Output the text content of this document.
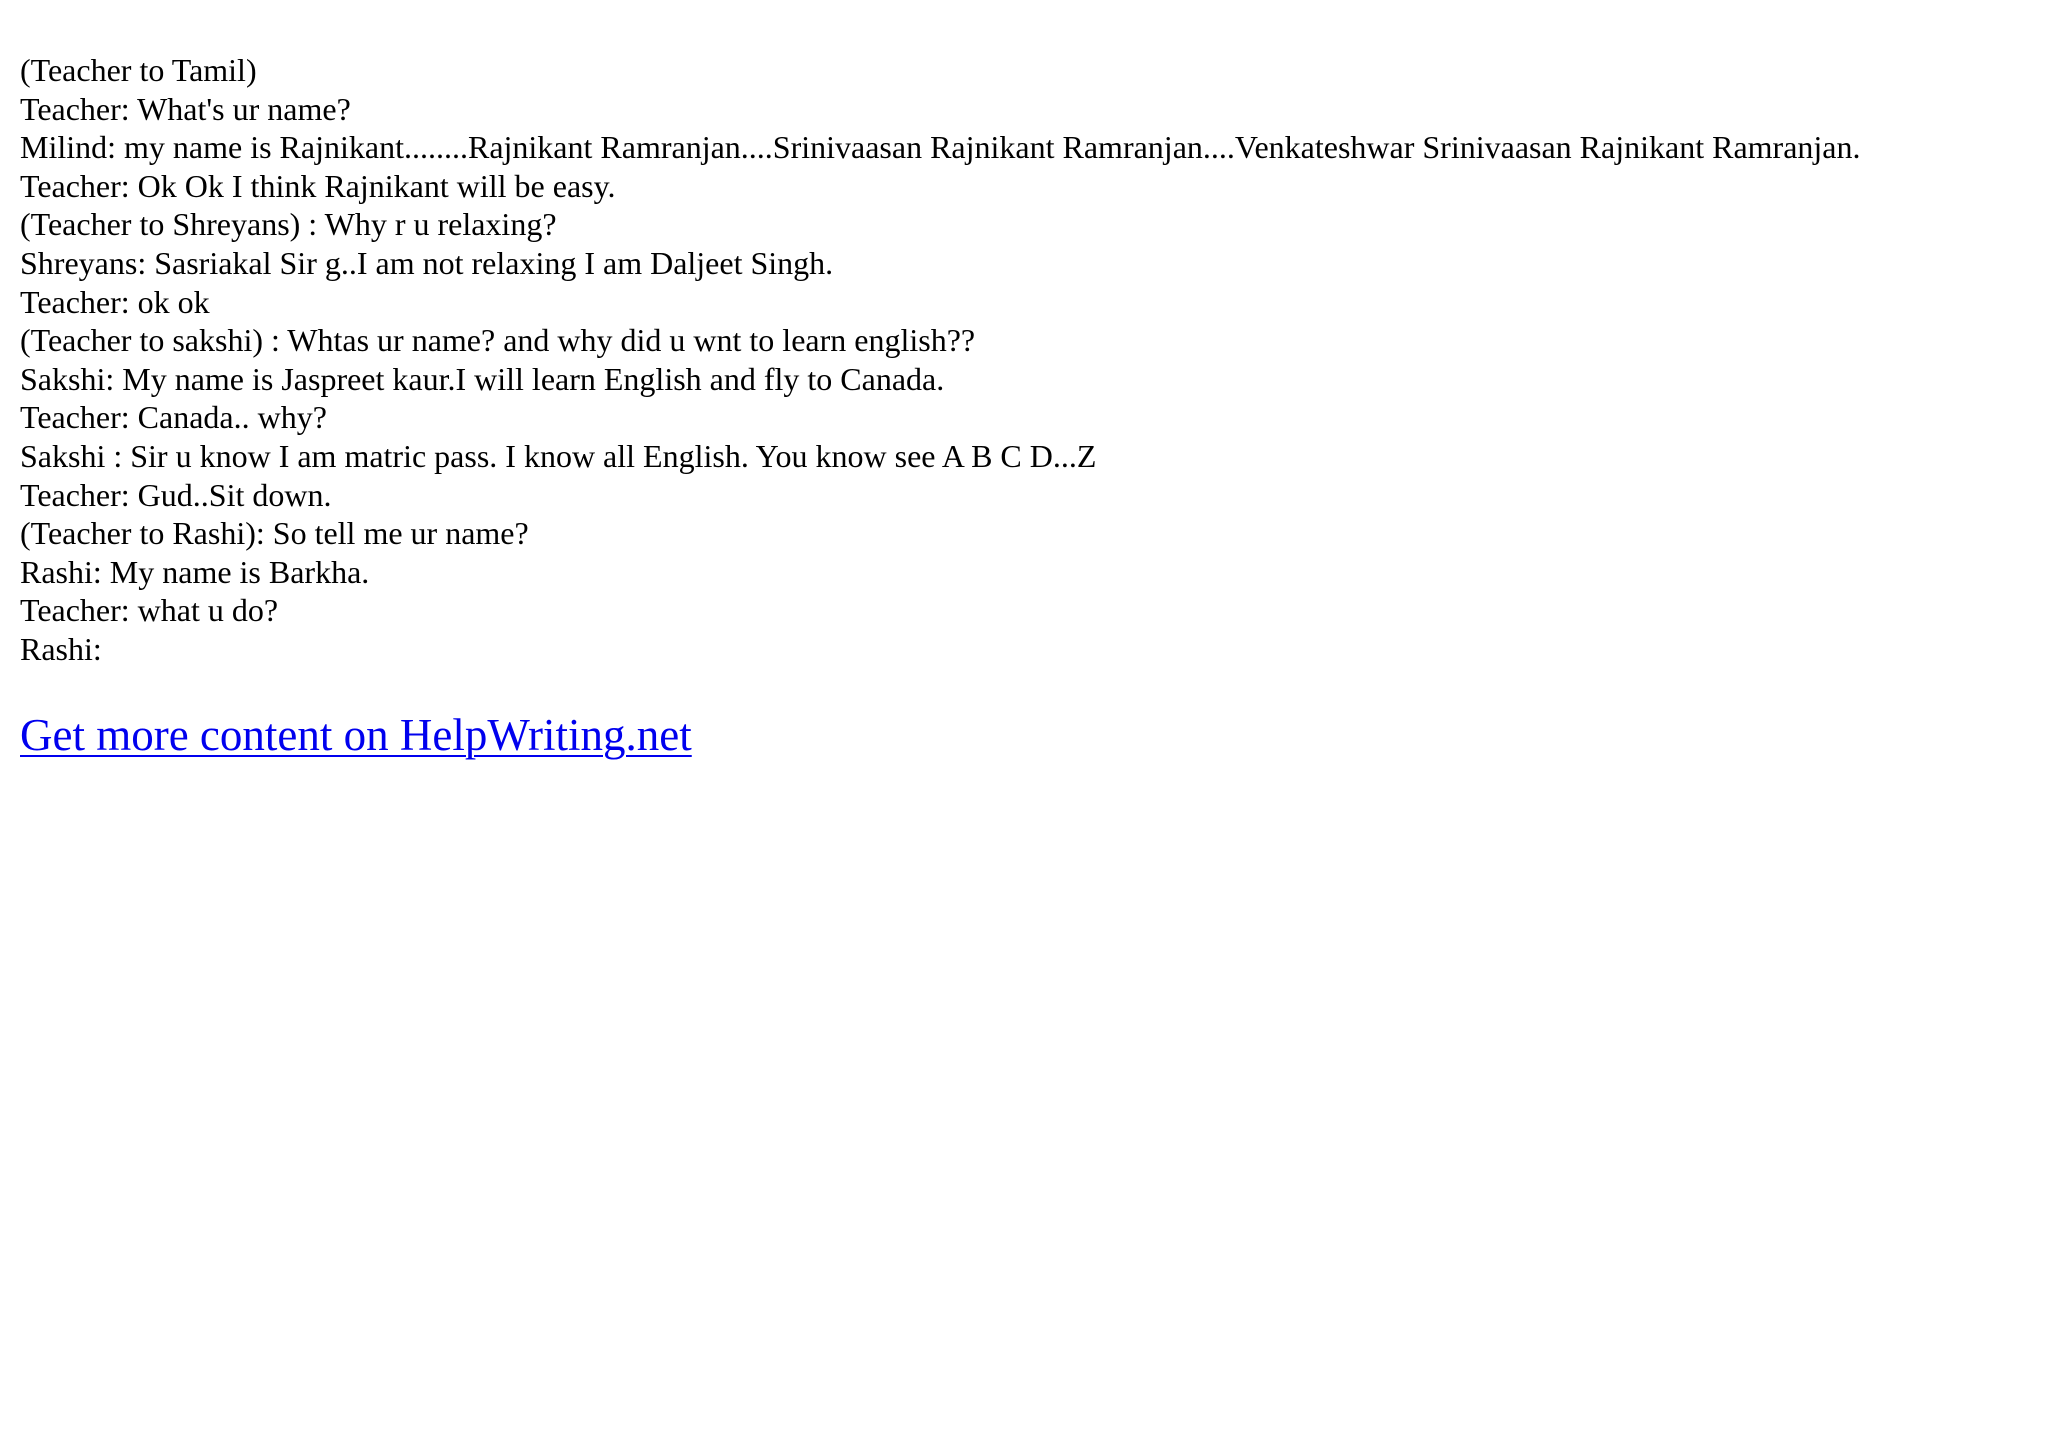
(Teacher to Tamil)
Teacher: What's ur name?
Milind: my name is Rajnikant........Rajnikant Ramranjan....Srinivaasan Rajnikant Ramranjan....Venkateshwar Srinivaasan Rajnikant Ramranjan.
Teacher: Ok Ok I think Rajnikant will be easy.
(Teacher to Shreyans) : Why r u relaxing?
Shreyans: Sasriakal Sir g..I am not relaxing I am Daljeet Singh.
Teacher: ok ok
(Teacher to sakshi) : Whtas ur name? and why did u wnt to learn english??
Sakshi: My name is Jaspreet kaur.I will learn English and fly to Canada.
Teacher: Canada.. why?
Sakshi : Sir u know I am matric pass. I know all English. You know see A B C D...Z
Teacher: Gud..Sit down.
(Teacher to Rashi): So tell me ur name?
Rashi: My name is Barkha.
Teacher: what u do?
Rashi:
Get more content on HelpWriting.net
